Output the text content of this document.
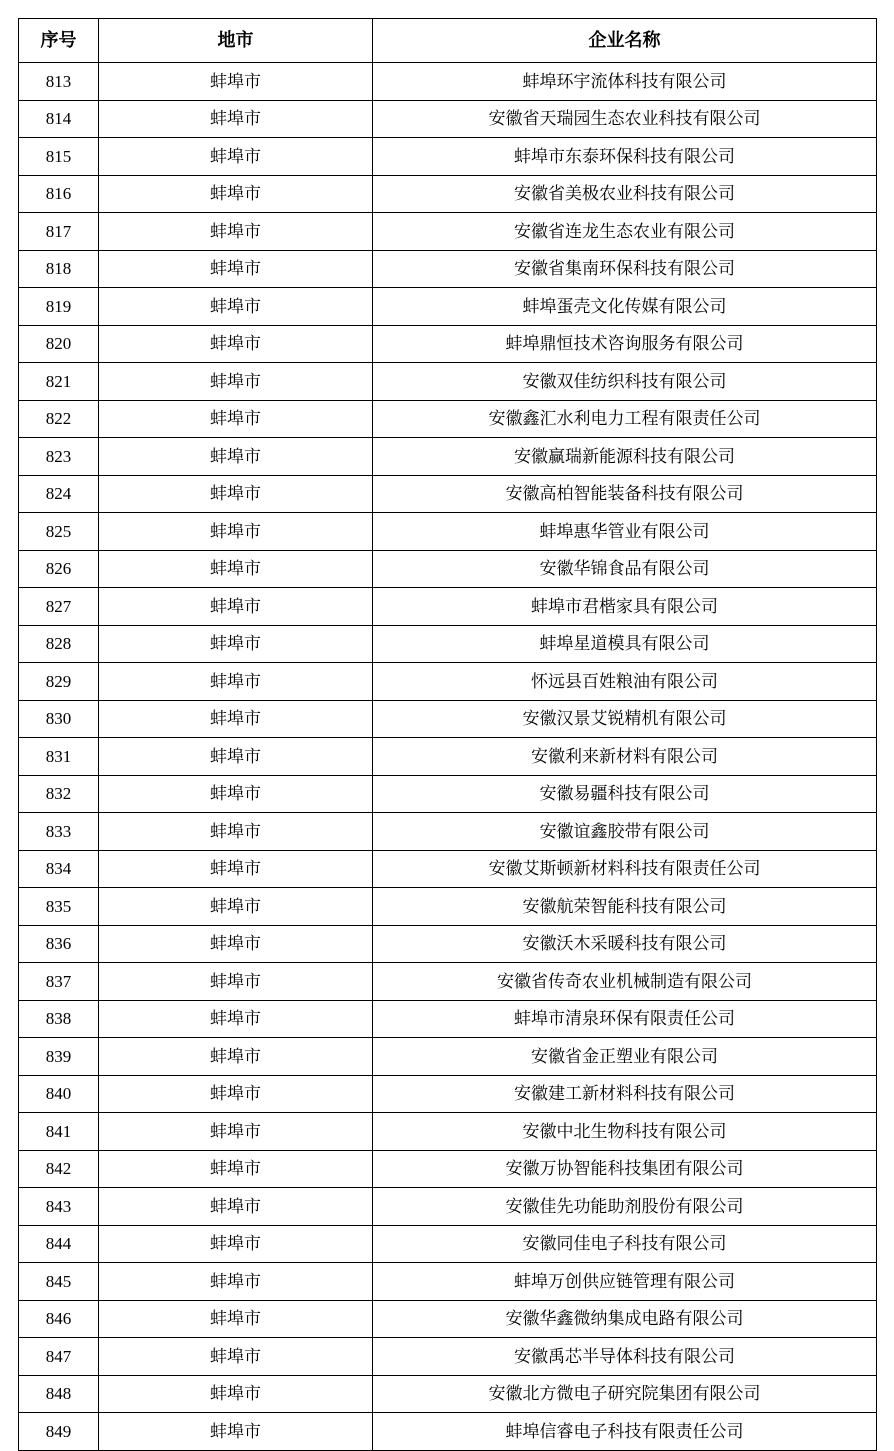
序号	地市	企业名称
813	蚌埠市	蚌埠环宇流体科技有限公司
814	蚌埠市	安徽省天瑞园生态农业科技有限公司
815	蚌埠市	蚌埠市东泰环保科技有限公司
816	蚌埠市	安徽省美极农业科技有限公司
817	蚌埠市	安徽省连龙生态农业有限公司
818	蚌埠市	安徽省集南环保科技有限公司
819	蚌埠市	蚌埠蛋壳文化传媒有限公司
820	蚌埠市	蚌埠鼎恒技术咨询服务有限公司
821	蚌埠市	安徽双佳纺织科技有限公司
822	蚌埠市	安徽鑫汇水利电力工程有限责任公司
823	蚌埠市	安徽赢瑞新能源科技有限公司
824	蚌埠市	安徽高柏智能装备科技有限公司
825	蚌埠市	蚌埠惠华管业有限公司
826	蚌埠市	安徽华锦食品有限公司
827	蚌埠市	蚌埠市君楷家具有限公司
828	蚌埠市	蚌埠星道模具有限公司
829	蚌埠市	怀远县百姓粮油有限公司
830	蚌埠市	安徽汉景艾锐精机有限公司
831	蚌埠市	安徽利来新材料有限公司
832	蚌埠市	安徽易疆科技有限公司
833	蚌埠市	安徽谊鑫胶带有限公司
834	蚌埠市	安徽艾斯顿新材料科技有限责任公司
835	蚌埠市	安徽航荣智能科技有限公司
836	蚌埠市	安徽沃木采暖科技有限公司
837	蚌埠市	安徽省传奇农业机械制造有限公司
838	蚌埠市	蚌埠市清泉环保有限责任公司
839	蚌埠市	安徽省金正塑业有限公司
840	蚌埠市	安徽建工新材料科技有限公司
841	蚌埠市	安徽中北生物科技有限公司
842	蚌埠市	安徽万协智能科技集团有限公司
843	蚌埠市	安徽佳先功能助剂股份有限公司
844	蚌埠市	安徽同佳电子科技有限公司
845	蚌埠市	蚌埠万创供应链管理有限公司
846	蚌埠市	安徽华鑫微纳集成电路有限公司
847	蚌埠市	安徽禹芯半导体科技有限公司
848	蚌埠市	安徽北方微电子研究院集团有限公司
849	蚌埠市	蚌埠信睿电子科技有限责任公司
